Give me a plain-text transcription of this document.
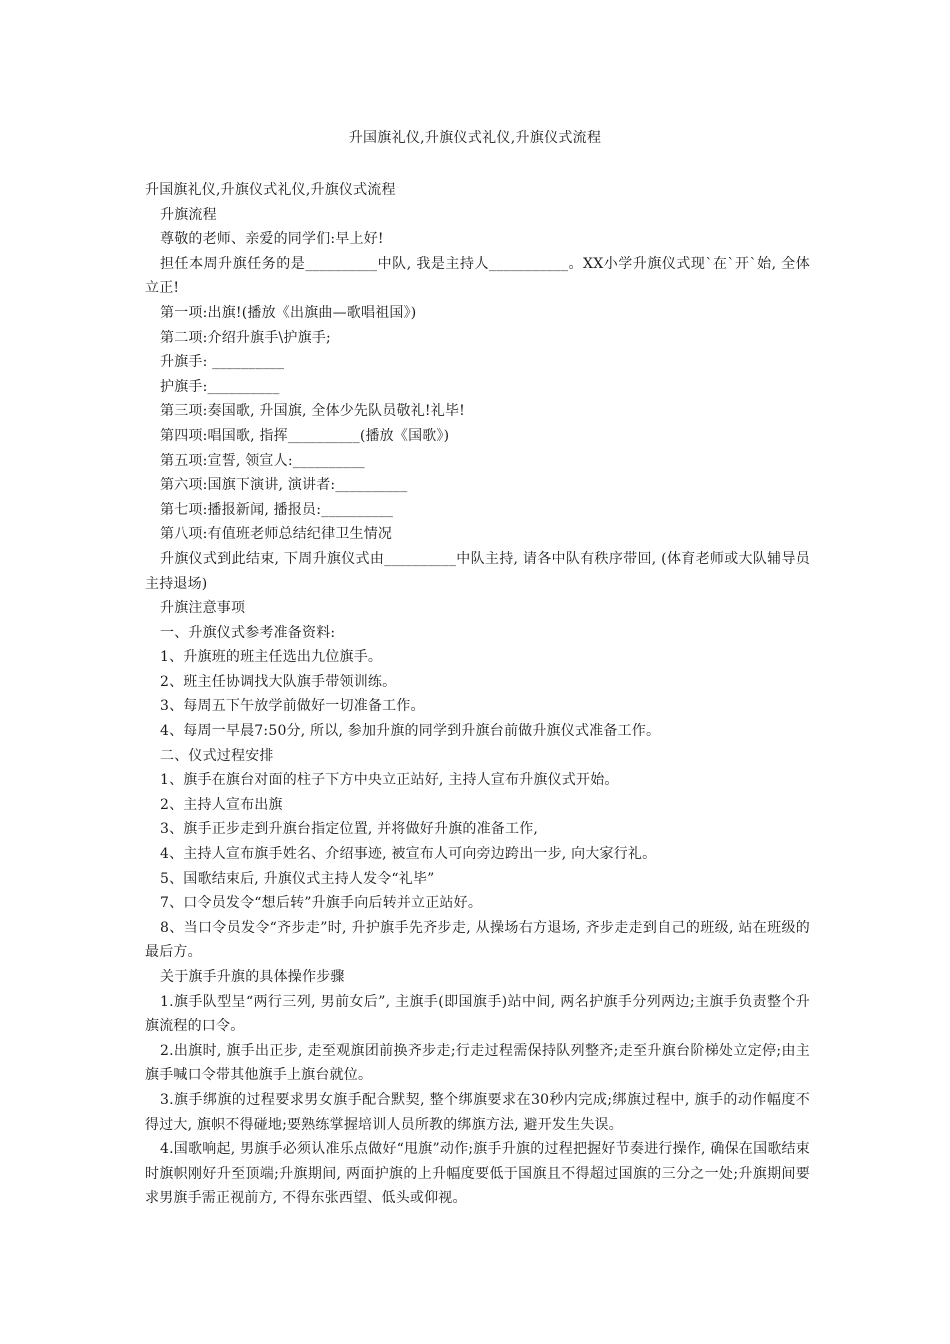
升国旗礼仪,升旗仪式礼仪,升旗仪式流程

升国旗礼仪,升旗仪式礼仪,升旗仪式流程

升旗流程

尊敬的老师、亲爱的同学们:早上好!

担任本周升旗任务的是__________中队, 我是主持人___________。XX小学升旗仪式现`在`开`始, 全体立正!

第一项:出旗!(播放《出旗曲—歌唱祖国》)

第二项:介绍升旗手\护旗手;

升旗手: __________

护旗手:__________

第三项:奏国歌, 升国旗, 全体少先队员敬礼!礼毕!

第四项:唱国歌, 指挥__________(播放《国歌》)

第五项:宣誓, 领宣人:__________

第六项:国旗下演讲, 演讲者:__________

第七项:播报新闻, 播报员:__________

第八项:有值班老师总结纪律卫生情况

升旗仪式到此结束, 下周升旗仪式由__________中队主持, 请各中队有秩序带回, (体育老师或大队辅导员主持退场)

升旗注意事项

一、升旗仪式参考准备资料:

1、升旗班的班主任选出九位旗手。

2、班主任协调找大队旗手带领训练。

3、每周五下午放学前做好一切准备工作。

4、每周一早晨7:50分, 所以, 参加升旗的同学到升旗台前做升旗仪式准备工作。

二、仪式过程安排

1、旗手在旗台对面的柱子下方中央立正站好, 主持人宣布升旗仪式开始。

2、主持人宣布出旗

3、旗手正步走到升旗台指定位置, 并将做好升旗的准备工作,

4、主持人宣布旗手姓名、介绍事迹, 被宣布人可向旁边跨出一步, 向大家行礼。

5、国歌结束后, 升旗仪式主持人发令“礼毕”

7、口令员发令“想后转”升旗手向后转并立正站好。

8、当口令员发令“齐步走”时, 升护旗手先齐步走, 从操场右方退场, 齐步走走到自己的班级, 站在班级的最后方。

关于旗手升旗的具体操作步骤

1.旗手队型呈“两行三列, 男前女后”, 主旗手(即国旗手)站中间, 两名护旗手分列两边;主旗手负责整个升旗流程的口令。

2.出旗时, 旗手出正步, 走至观旗团前换齐步走;行走过程需保持队列整齐;走至升旗台阶梯处立定停;由主旗手喊口令带其他旗手上旗台就位。

3.旗手绑旗的过程要求男女旗手配合默契, 整个绑旗要求在30秒内完成;绑旗过程中, 旗手的动作幅度不得过大, 旗帜不得碰地;要熟练掌握培训人员所教的绑旗方法, 避开发生失误。

4.国歌响起, 男旗手必须认准乐点做好“甩旗”动作;旗手升旗的过程把握好节奏进行操作, 确保在国歌结束时旗帜刚好升至顶端;升旗期间, 两面护旗的上升幅度要低于国旗且不得超过国旗的三分之一处;升旗期间要求男旗手需正视前方, 不得东张西望、低头或仰视。
